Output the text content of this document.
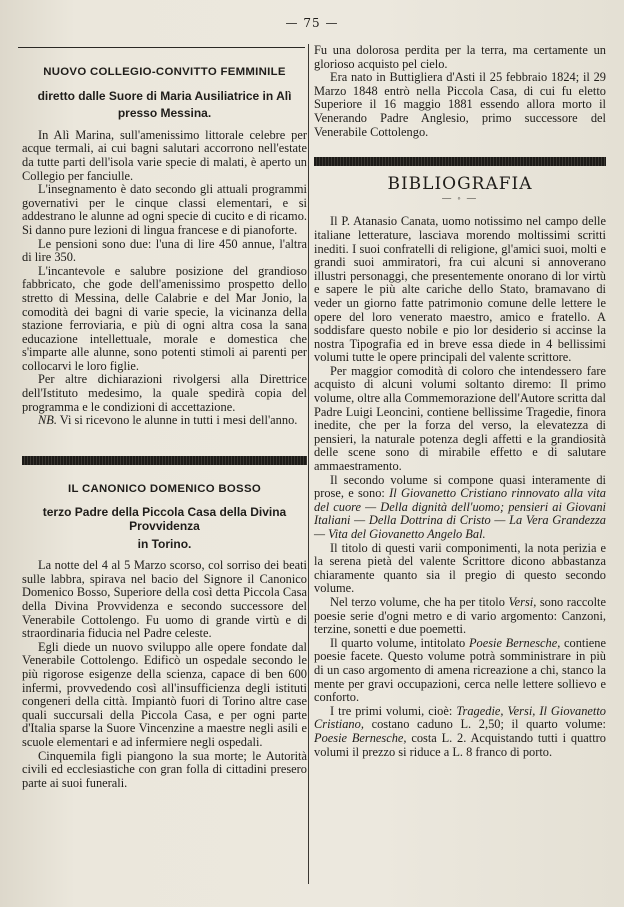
— 75 —

NUOVO COLLEGIO-CONVITTO FEMMINILE

diretto dalle Suore di Maria Ausiliatrice in Alì

presso Messina.

In Alì Marina, sull'amenissimo littorale celebre per acque termali, ai cui bagni salutari accorrono nell'estate da tutte parti dell'isola varie specie di malati, è aperto un Collegio per fanciulle.

L'insegnamento è dato secondo gli attuali programmi governativi per le cinque classi elementari, e si addestrano le alunne ad ogni specie di cucito e di ricamo. Si danno pure lezioni di lingua francese e di pianoforte.

Le pensioni sono due: l'una di lire 450 annue, l'altra di lire 350.

L'incantevole e salubre posizione del grandioso fabbricato, che gode dell'amenissimo prospetto dello stretto di Messina, delle Calabrie e del Mar Jonio, la comodità dei bagni di varie specie, la vicinanza della stazione ferroviaria, e più di ogni altra cosa la sana educazione intellettuale, morale e domestica che s'imparte alle alunne, sono potenti stimoli ai parenti per collocarvi le loro figlie.

Per altre dichiarazioni rivolgersi alla Direttrice dell'Istituto medesimo, la quale spedirà copia del programma e le condizioni di accettazione.

NB. Vi si ricevono le alunne in tutti i mesi dell'anno.

IL CANONICO DOMENICO BOSSO

terzo Padre della Piccola Casa della Divina Provvidenza

in Torino.

La notte del 4 al 5 Marzo scorso, col sorriso dei beati sulle labbra, spirava nel bacio del Signore il Canonico Domenico Bosso, Superiore della così detta Piccola Casa della Divina Provvidenza e secondo successore del Venerabile Cottolengo. Fu uomo di grande virtù e di straordinaria fiducia nel Padre celeste.

Egli diede un nuovo sviluppo alle opere fondate dal Venerabile Cottolengo. Edificò un ospedale secondo le più rigorose esigenze della scienza, capace di ben 600 infermi, provvedendo così all'insufficienza degli istituti congeneri della città. Impiantò fuori di Torino altre case quali succursali della Piccola Casa, e per ogni parte d'Italia sparse la Suore Vincenzine a maestre negli asili e scuole elementari e ad infermiere negli ospedali.

Cinquemila figli piangono la sua morte; le Autorità civili ed ecclesiastiche con gran folla di cittadini presero parte ai suoi funerali.

Fu una dolorosa perdita per la terra, ma certamente un glorioso acquisto pel cielo.

Era nato in Buttigliera d'Asti il 25 febbraio 1824; il 29 Marzo 1848 entrò nella Piccola Casa, di cui fu eletto Superiore il 16 maggio 1881 essendo allora morto il Venerando Padre Anglesio, primo successore del Venerabile Cottolengo.

BIBLIOGRAFIA

— ◦ —

Il P. Atanasio Canata, uomo notissimo nel campo delle italiane letterature, lasciava morendo moltissimi scritti inediti. I suoi confratelli di religione, gl'amici suoi, molti e grandi suoi ammiratori, fra cui alcuni si annoverano illustri personaggi, che presentemente onorano di lor virtù e sapere le più alte cariche dello Stato, bramavano di veder un giorno fatte patrimonio comune delle lettere le opere del loro venerato maestro, amico e fratello. A soddisfare questo nobile e pio lor desiderio si accinse la nostra Tipografia ed in breve essa diede in 4 bellissimi volumi tutte le opere principali del valente scrittore.

Per maggior comodità di coloro che intendessero fare acquisto di alcuni volumi soltanto diremo: Il primo volume, oltre alla Commemorazione dell'Autore scritta dal Padre Luigi Leoncini, contiene bellissime Tragedie, finora inedite, che per la forza del verso, la elevatezza di pensieri, la naturale potenza degli affetti e la grandiosità delle scene sono di mirabile effetto e di salutare ammaestramento.

Il secondo volume si compone quasi interamente di prose, e sono: Il Giovanetto Cristiano rinnovato alla vita del cuore — Della dignità dell'uomo; pensieri ai Giovani Italiani — Della Dottrina di Cristo — La Vera Grandezza — Vita del Giovanetto Angelo Bal.

Il titolo di questi varii componimenti, la nota perizia e la serena pietà del valente Scrittore dicono abbastanza chiaramente quanto sia il pregio di questo secondo volume.

Nel terzo volume, che ha per titolo Versi, sono raccolte poesie serie d'ogni metro e di vario argomento: Canzoni, terzine, sonetti e due poemetti.

Il quarto volume, intitolato Poesie Bernesche, contiene poesie facete. Questo volume potrà somministrare in più di un caso argomento di amena ricreazione a chi, stanco la mente per gravi occupazioni, cerca nelle lettere sollievo e conforto.

I tre primi volumi, cioè: Tragedie, Versi, Il Giovanetto Cristiano, costano caduno L. 2,50; il quarto volume: Poesie Bernesche, costa L. 2. Acquistando tutti i quattro volumi il prezzo si riduce a L. 8 franco di porto.
